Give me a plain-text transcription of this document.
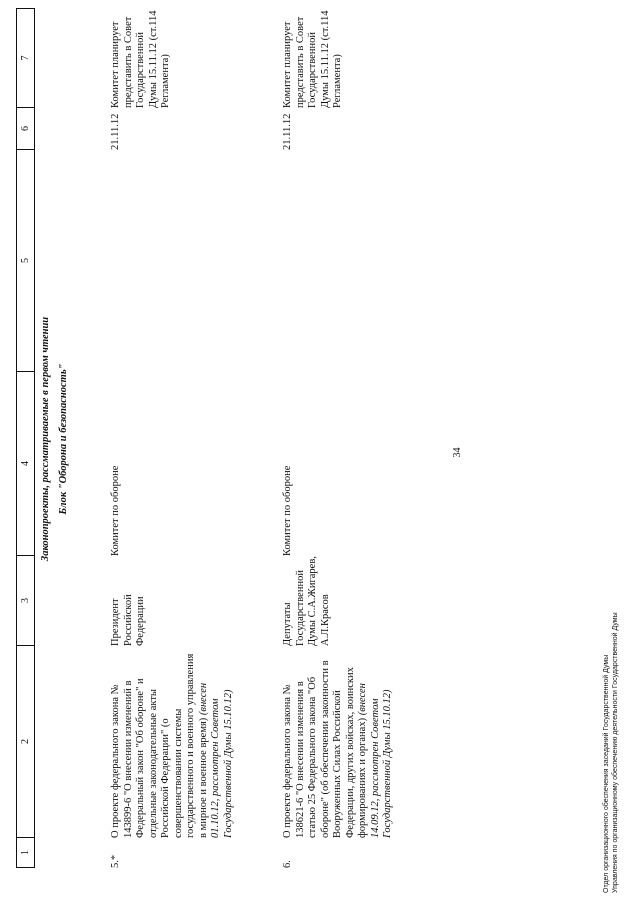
34
1
2
3
4
5
6
7
Законопроекты, рассматриваемые в первом чтении Блок "Оборона и безопасность"
5.*
О проекте федерального закона № 143899-6 "О внесении изменений в Федеральный закон "Об обороне" и отдельные законодательные акты Российской Федерации" (о совершенствовании системы государственного и военного управления в мирное и военное время) (внесен 01.10.12, рассмотрен Советом Государственной Думы 15.10.12)
Президент Российской Федерации
Комитет по обороне
21.11.12
Комитет планирует представить в Совет Государственной Думы 15.11.12 (ст.114 Регламента)
6.
О проекте федерального закона № 138621-6 "О внесении изменения в статью 25 Федерального закона "Об обороне" (об обеспечении законности в Вооруженных Силах Российской Федерации, других войсках, воинских формированиях и органах) (внесен 14.09.12, рассмотрен Советом Государственной Думы 15.10.12)
Депутаты Государственной Думы С.А.Жигарев, А.Л.Красов
Комитет по обороне
21.11.12
Комитет планирует представить в Совет Государственной Думы 15.11.12 (ст.114 Регламента)
Отдел организационного обеспечения заседаний Государственной Думы Управления по организационному обеспечению деятельности Государственной Думы
